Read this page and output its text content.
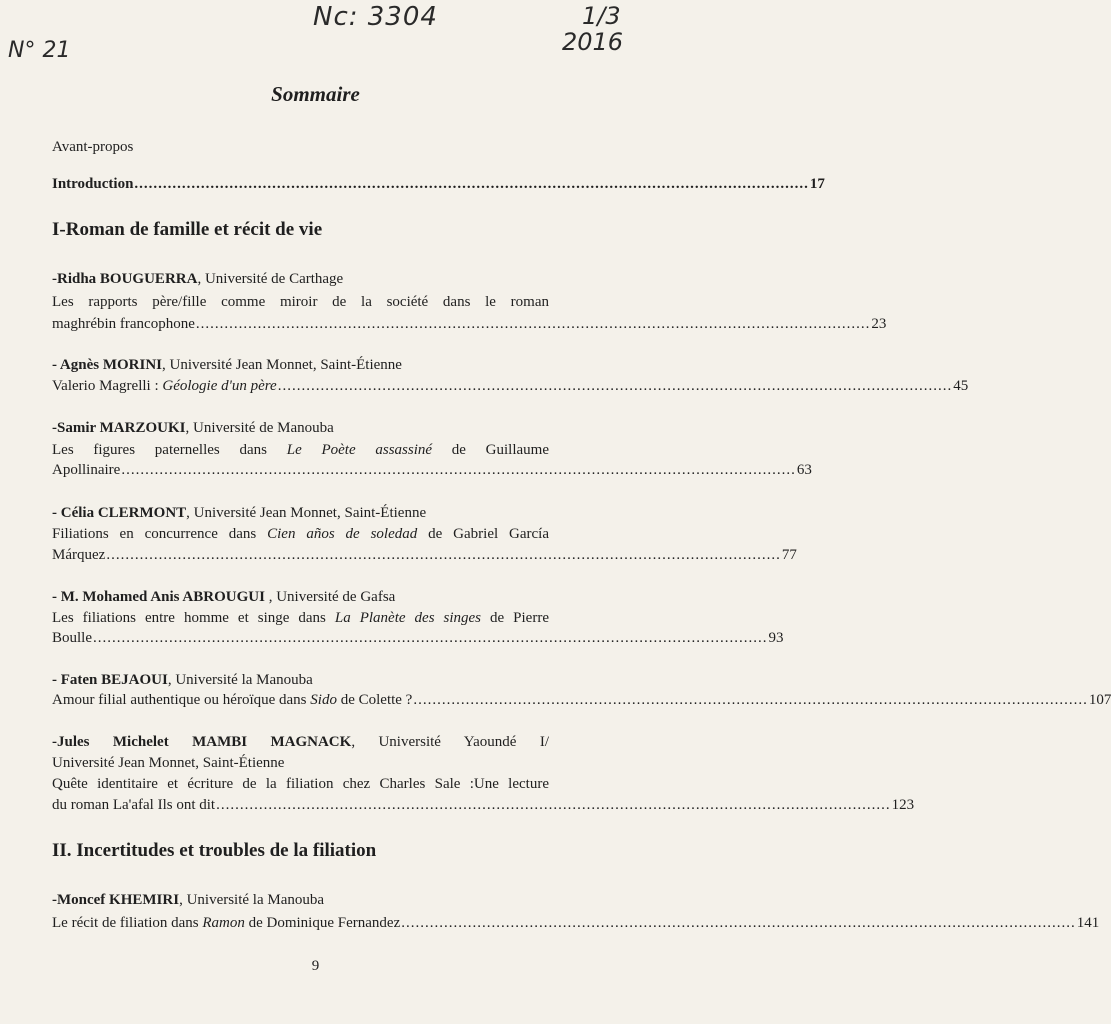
Nc: 3304
N° 21
1/3
2016
Sommaire
Avant-propos
Introduction .............................................................................................................................................. 17
I-Roman de famille et récit de vie
-Ridha BOUGUERRA, Université de Carthage
Les rapports père/fille comme miroir de la société dans le roman
maghrébin francophone .............................................................................................................................................. 23
- Agnès MORINI, Université Jean Monnet, Saint-Étienne
Valerio Magrelli : Géologie d'un père .............................................................................................................................................. 45
-Samir MARZOUKI, Université de Manouba
Les figures paternelles dans Le Poète assassiné de Guillaume
Apollinaire .............................................................................................................................................. 63
- Célia CLERMONT, Université Jean Monnet, Saint-Étienne
Filiations en concurrence dans Cien años de soledad de Gabriel García
Márquez .............................................................................................................................................. 77
- M. Mohamed Anis ABROUGUI , Université de Gafsa
Les filiations entre homme et singe dans La Planète des singes de Pierre
Boulle .............................................................................................................................................. 93
- Faten BEJAOUI, Université la Manouba
Amour filial authentique ou héroïque dans Sido de Colette ? .............................................................................................................................................. 107
-Jules Michelet MAMBI MAGNACK, Université Yaoundé I/
Université Jean Monnet, Saint-Étienne
Quête identitaire et écriture de la filiation chez Charles Sale :Une lecture
du roman La'afal Ils ont dit .............................................................................................................................................. 123
II. Incertitudes et troubles de la filiation
-Moncef KHEMIRI, Université la Manouba
Le récit de filiation dans Ramon de Dominique Fernandez .............................................................................................................................................. 141
9
